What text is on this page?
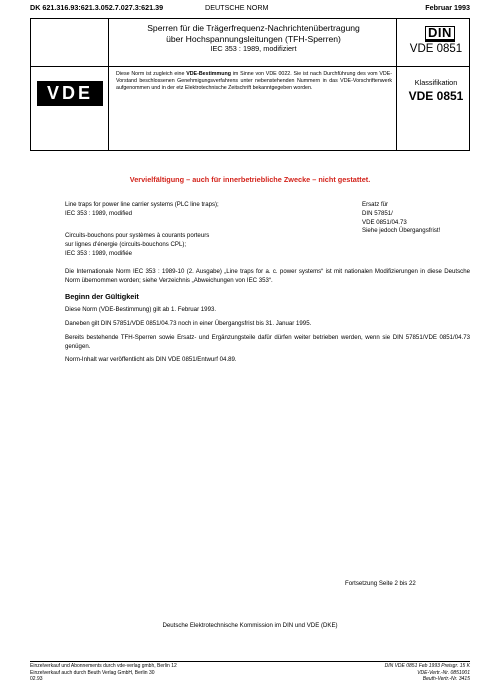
DK 621.316.93:621.3.052.7.027.3:621.39	DEUTSCHE NORM	Februar 1993
Sperren für die Trägerfrequenz-Nachrichtenübertragung
über Hochspannungsleitungen (TFH-Sperren)
IEC 353 : 1989, modifiziert
DIN
VDE 0851
VDE
Diese Norm ist zugleich eine VDE-Bestimmung im Sinne von VDE 0022. Sie ist nach Durchführung des vom VDE-Vorstand beschlossenen Genehmigungsverfahrens unter nebenstehenden Nummern in das VDE-Vorschriftenwerk aufgenommen und in der etz Elektrotechnische Zeitschrift bekanntgegeben worden.
Klassifikation
VDE 0851
Vervielfältigung – auch für innerbetriebliche Zwecke – nicht gestattet.
Line traps for power line carrier systems (PLC line traps);
IEC 353 : 1989, modified
Circuits-bouchons pour systèmes à courants porteurs
sur lignes d'énergie (circuits-bouchons CPL);
IEC 353 : 1989, modifiée
Ersatz für
DIN 57851/
VDE 0851/04.73
Siehe jedoch Übergangsfrist!
Die Internationale Norm IEC 353 : 1989-10 (2. Ausgabe) „Line traps for a. c. power systems“ ist mit nationalen Modifizierungen in diese Deutsche Norm übernommen worden; siehe Verzeichnis „Abweichungen von IEC 353“.
Beginn der Gültigkeit
Diese Norm (VDE-Bestimmung) gilt ab 1. Februar 1993.
Daneben gilt DIN 57851/VDE 0851/04.73 noch in einer Übergangsfrist bis 31. Januar 1995.
Bereits bestehende TFH-Sperren sowie Ersatz- und Ergänzungsteile dafür dürfen weiter betrieben werden, wenn sie DIN 57851/VDE 0851/04.73 genügen.
Norm-Inhalt war veröffentlicht als DIN VDE 0851/Entwurf 04.89.
Fortsetzung Seite 2 bis 22
Deutsche Elektrotechnische Kommission im DIN und VDE (DKE)
Einzelverkauf und Abonnements durch vde-verlag gmbh, Berlin 12
Einzelverkauf auch durch Beuth Verlag GmbH, Berlin 30
02.93
DIN VDE 0851 Feb 1993 Preisgr. 15 K
VDE-Vertr.-Nr. 0851001
Beuth-Vertr.-Nr. 3415
